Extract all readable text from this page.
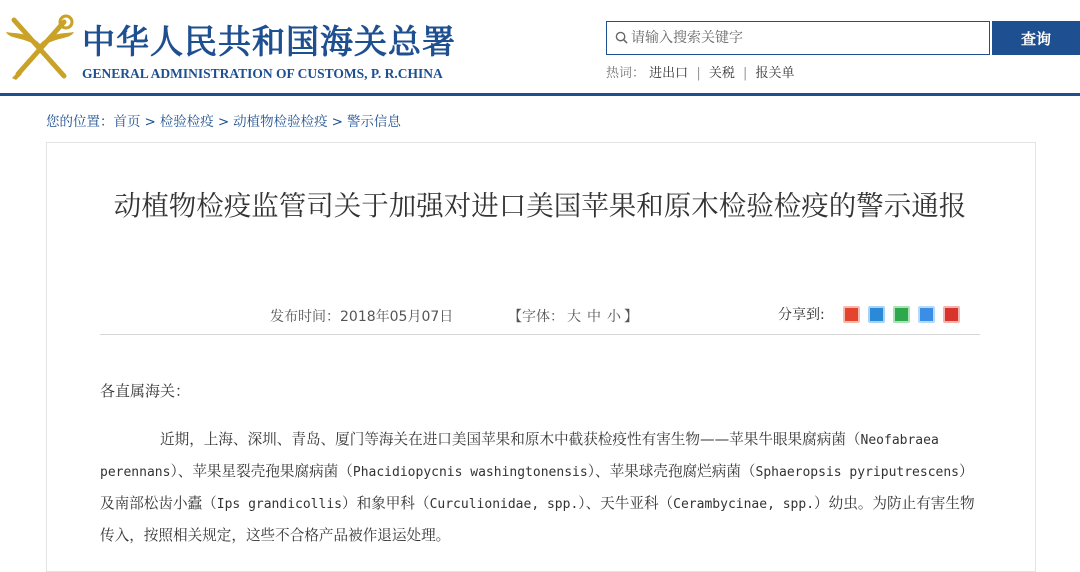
中华人民共和国海关总署
GENERAL ADMINISTRATION OF CUSTOMS, P. R.CHINA
请输入搜索关键字
查询
热词： 进出口 | 关税 | 报关单
您的位置：首页 > 检验检疫 > 动植物检验检疫 > 警示信息
动植物检疫监管司关于加强对进口美国苹果和原木检验检疫的警示通报
发布时间：2018年05月07日	【字体： 大 中 小 】	分享到:
各直属海关：

近期，上海、深圳、青岛、厦门等海关在进口美国苹果和原木中截获检疫性有害生物——苹果牛眼果腐病菌（Neofabraea perennans）、苹果星裂壳孢果腐病菌（Phacidiopycnis washingtonensis）、苹果球壳孢腐烂病菌（Sphaeropsis pyriputrescens）及南部松齿小蠹（Ips grandicollis）和象甲科（Curculionidae, spp.）、天牛亚科（Cerambycinae, spp.）幼虫。为防止有害生物传入，按照相关规定，这些不合格产品被作退运处理。
